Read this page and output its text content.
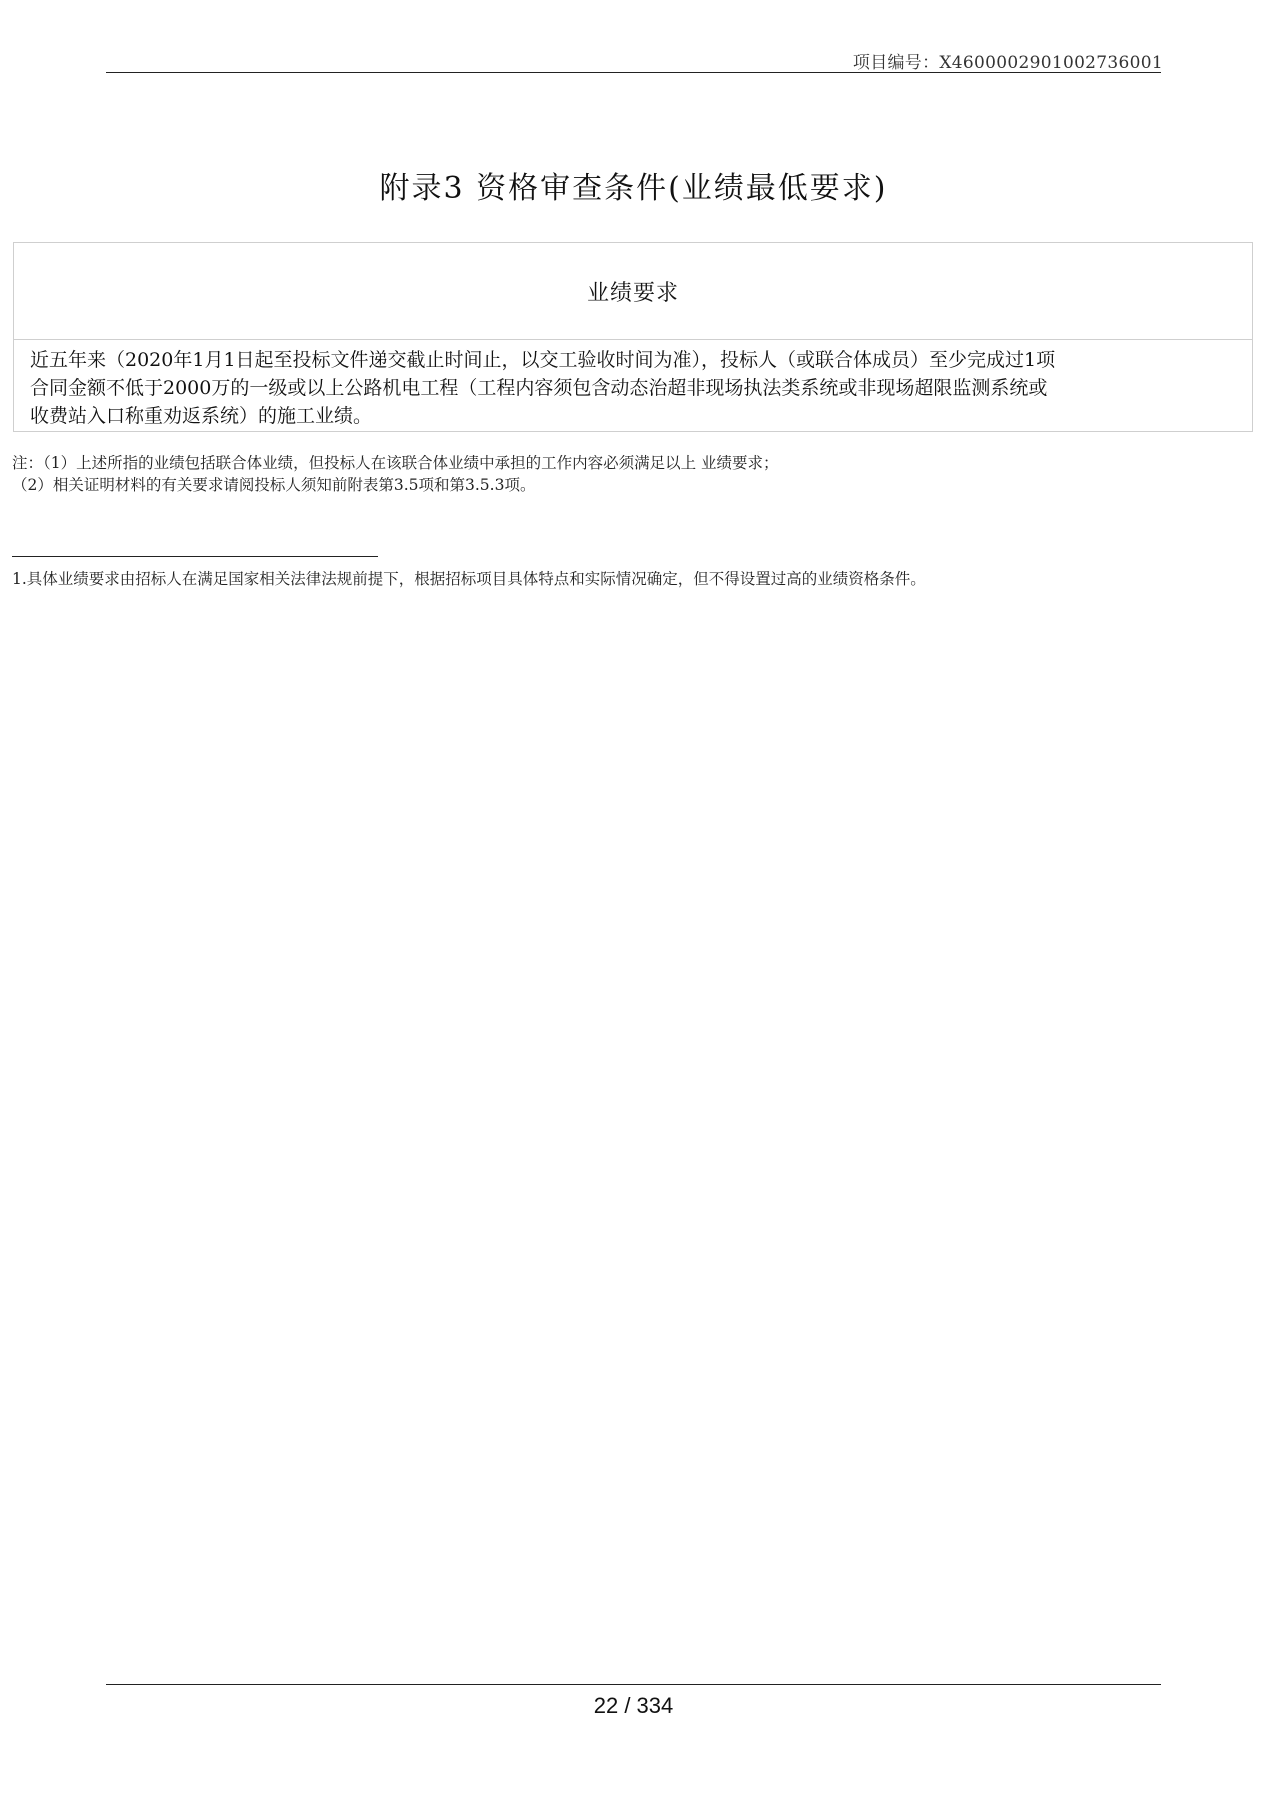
项目编号：X4600002901002736001
附录3 资格审查条件(业绩最低要求)
业绩要求
近五年来（2020年1月1日起至投标文件递交截止时间止，以交工验收时间为准），投标人（或联合体成员）至少完成过1项
合同金额不低于2000万的一级或以上公路机电工程（工程内容须包含动态治超非现场执法类系统或非现场超限监测系统或
收费站入口称重劝返系统）的施工业绩。
注：（1）上述所指的业绩包括联合体业绩，但投标人在该联合体业绩中承担的工作内容必须满足以上 业绩要求；
（2）相关证明材料的有关要求请阅投标人须知前附表第3.5项和第3.5.3项。
1.具体业绩要求由招标人在满足国家相关法律法规前提下，根据招标项目具体特点和实际情况确定，但不得设置过高的业绩资格条件。
22 / 334
